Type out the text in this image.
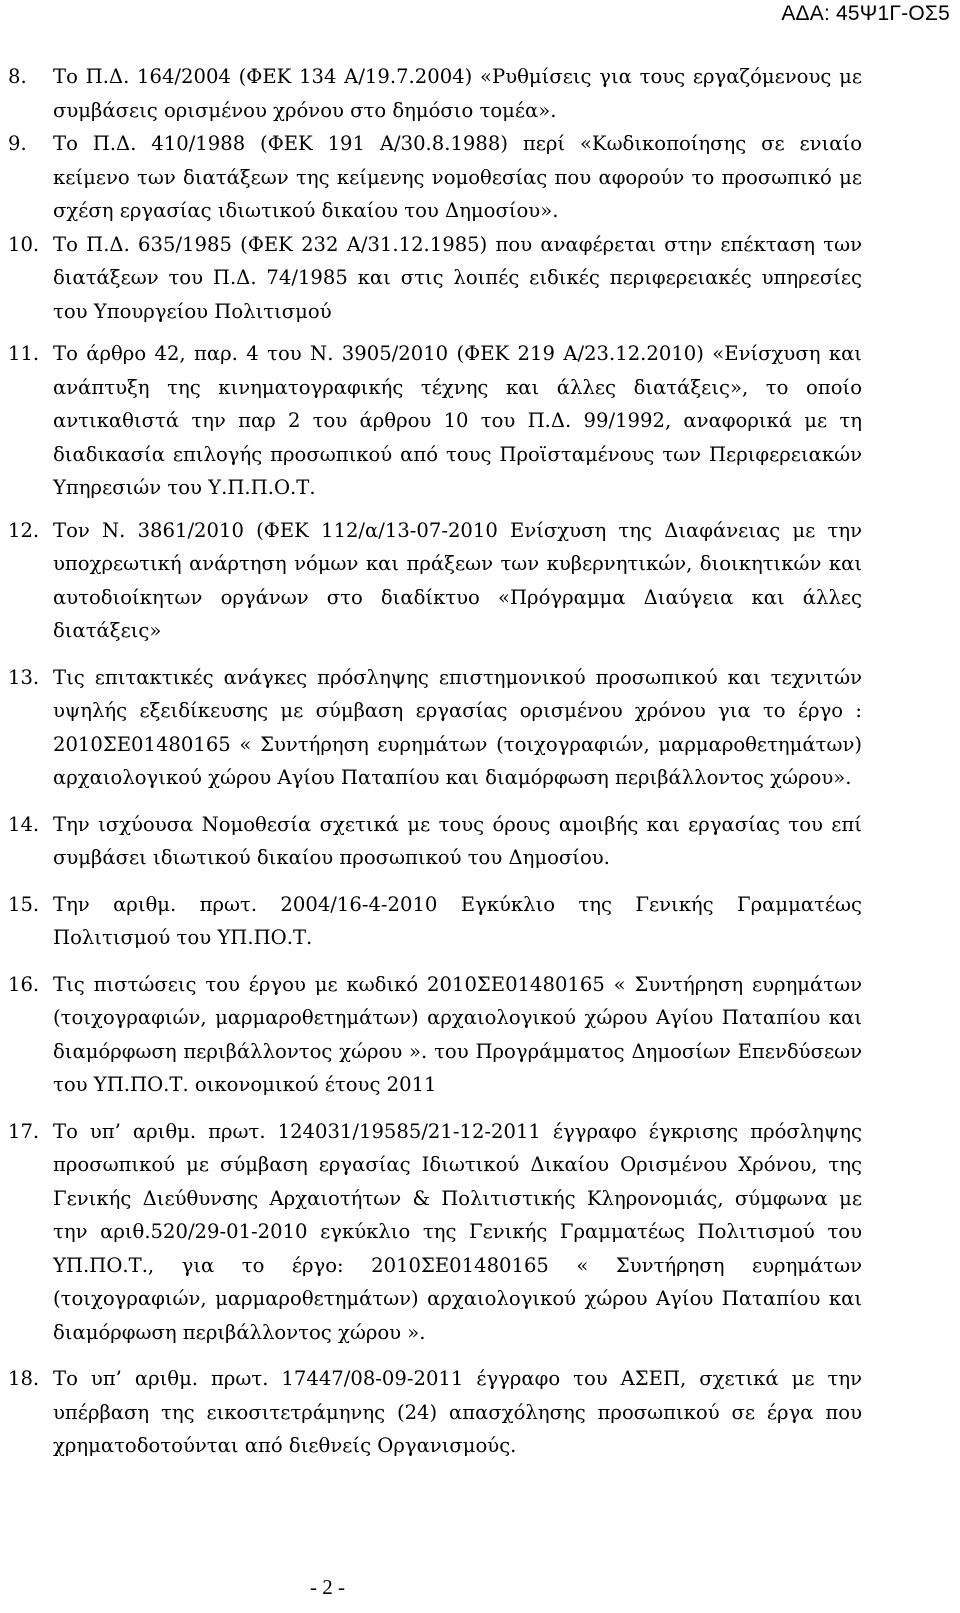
ΑΔΑ: 45Ψ1Γ-ΟΣ5
8. Το Π.Δ. 164/2004 (ΦΕΚ 134 Α/19.7.2004) «Ρυθμίσεις για τους εργαζόμενους με συμβάσεις ορισμένου χρόνου στο δημόσιο τομέα».
9. Το Π.Δ. 410/1988 (ΦΕΚ 191 Α/30.8.1988) περί «Κωδικοποίησης σε ενιαίο κείμενο των διατάξεων της κείμενης νομοθεσίας που αφορούν το προσωπικό με σχέση εργασίας ιδιωτικού δικαίου του Δημοσίου».
10. Το Π.Δ. 635/1985 (ΦΕΚ 232 Α/31.12.1985) που αναφέρεται στην επέκταση των διατάξεων του Π.Δ. 74/1985 και στις λοιπές ειδικές περιφερειακές υπηρεσίες του Υπουργείου Πολιτισμού
11. Το άρθρο 42, παρ. 4 του Ν. 3905/2010 (ΦΕΚ 219 Α/23.12.2010) «Ενίσχυση και ανάπτυξη της κινηματογραφικής τέχνης και άλλες διατάξεις», το οποίο αντικαθιστά την παρ 2 του άρθρου 10 του Π.Δ. 99/1992, αναφορικά με τη διαδικασία επιλογής προσωπικού από τους Προϊσταμένους των Περιφερειακών Υπηρεσιών του Υ.Π.Π.Ο.Τ.
12. Τον Ν. 3861/2010 (ΦΕΚ 112/α/13-07-2010 Ενίσχυση της Διαφάνειας με την υποχρεωτική ανάρτηση νόμων και πράξεων των κυβερνητικών, διοικητικών και αυτοδιοίκητων οργάνων στο διαδίκτυο «Πρόγραμμα Διαύγεια και άλλες διατάξεις»
13. Τις επιτακτικές ανάγκες πρόσληψης επιστημονικού προσωπικού και τεχνιτών υψηλής εξειδίκευσης με σύμβαση εργασίας ορισμένου χρόνου για το έργο : 2010ΣΕ01480165 « Συντήρηση ευρημάτων (τοιχογραφιών, μαρμαροθετημάτων) αρχαιολογικού χώρου Αγίου Παταπίου και διαμόρφωση περιβάλλοντος χώρου».
14. Την ισχύουσα Νομοθεσία σχετικά με τους όρους αμοιβής και εργασίας του επί συμβάσει ιδιωτικού δικαίου προσωπικού του Δημοσίου.
15. Την αριθμ. πρωτ. 2004/16-4-2010 Εγκύκλιο της Γενικής Γραμματέως Πολιτισμού του ΥΠ.ΠΟ.Τ.
16. Τις πιστώσεις του έργου με κωδικό 2010ΣΕ01480165 « Συντήρηση ευρημάτων (τοιχογραφιών, μαρμαροθετημάτων) αρχαιολογικού χώρου Αγίου Παταπίου και διαμόρφωση περιβάλλοντος χώρου ». του Προγράμματος Δημοσίων Επενδύσεων του ΥΠ.ΠΟ.Τ. οικονομικού έτους 2011
17. Το υπ’ αριθμ. πρωτ. 124031/19585/21-12-2011 έγγραφο έγκρισης πρόσληψης προσωπικού με σύμβαση εργασίας Ιδιωτικού Δικαίου Ορισμένου Χρόνου, της Γενικής Διεύθυνσης Αρχαιοτήτων & Πολιτιστικής Κληρονομιάς, σύμφωνα με την αριθ.520/29-01-2010 εγκύκλιο της Γενικής Γραμματέως Πολιτισμού του ΥΠ.ΠΟ.Τ., για το έργο: 2010ΣΕ01480165 « Συντήρηση ευρημάτων (τοιχογραφιών, μαρμαροθετημάτων) αρχαιολογικού χώρου Αγίου Παταπίου και διαμόρφωση περιβάλλοντος χώρου ».
18. Το υπ’ αριθμ. πρωτ. 17447/08-09-2011 έγγραφο του ΑΣΕΠ, σχετικά με την υπέρβαση της εικοσιτετράμηνης (24) απασχόλησης προσωπικού σε έργα που χρηματοδοτούνται από διεθνείς Οργανισμούς.
- 2 -
